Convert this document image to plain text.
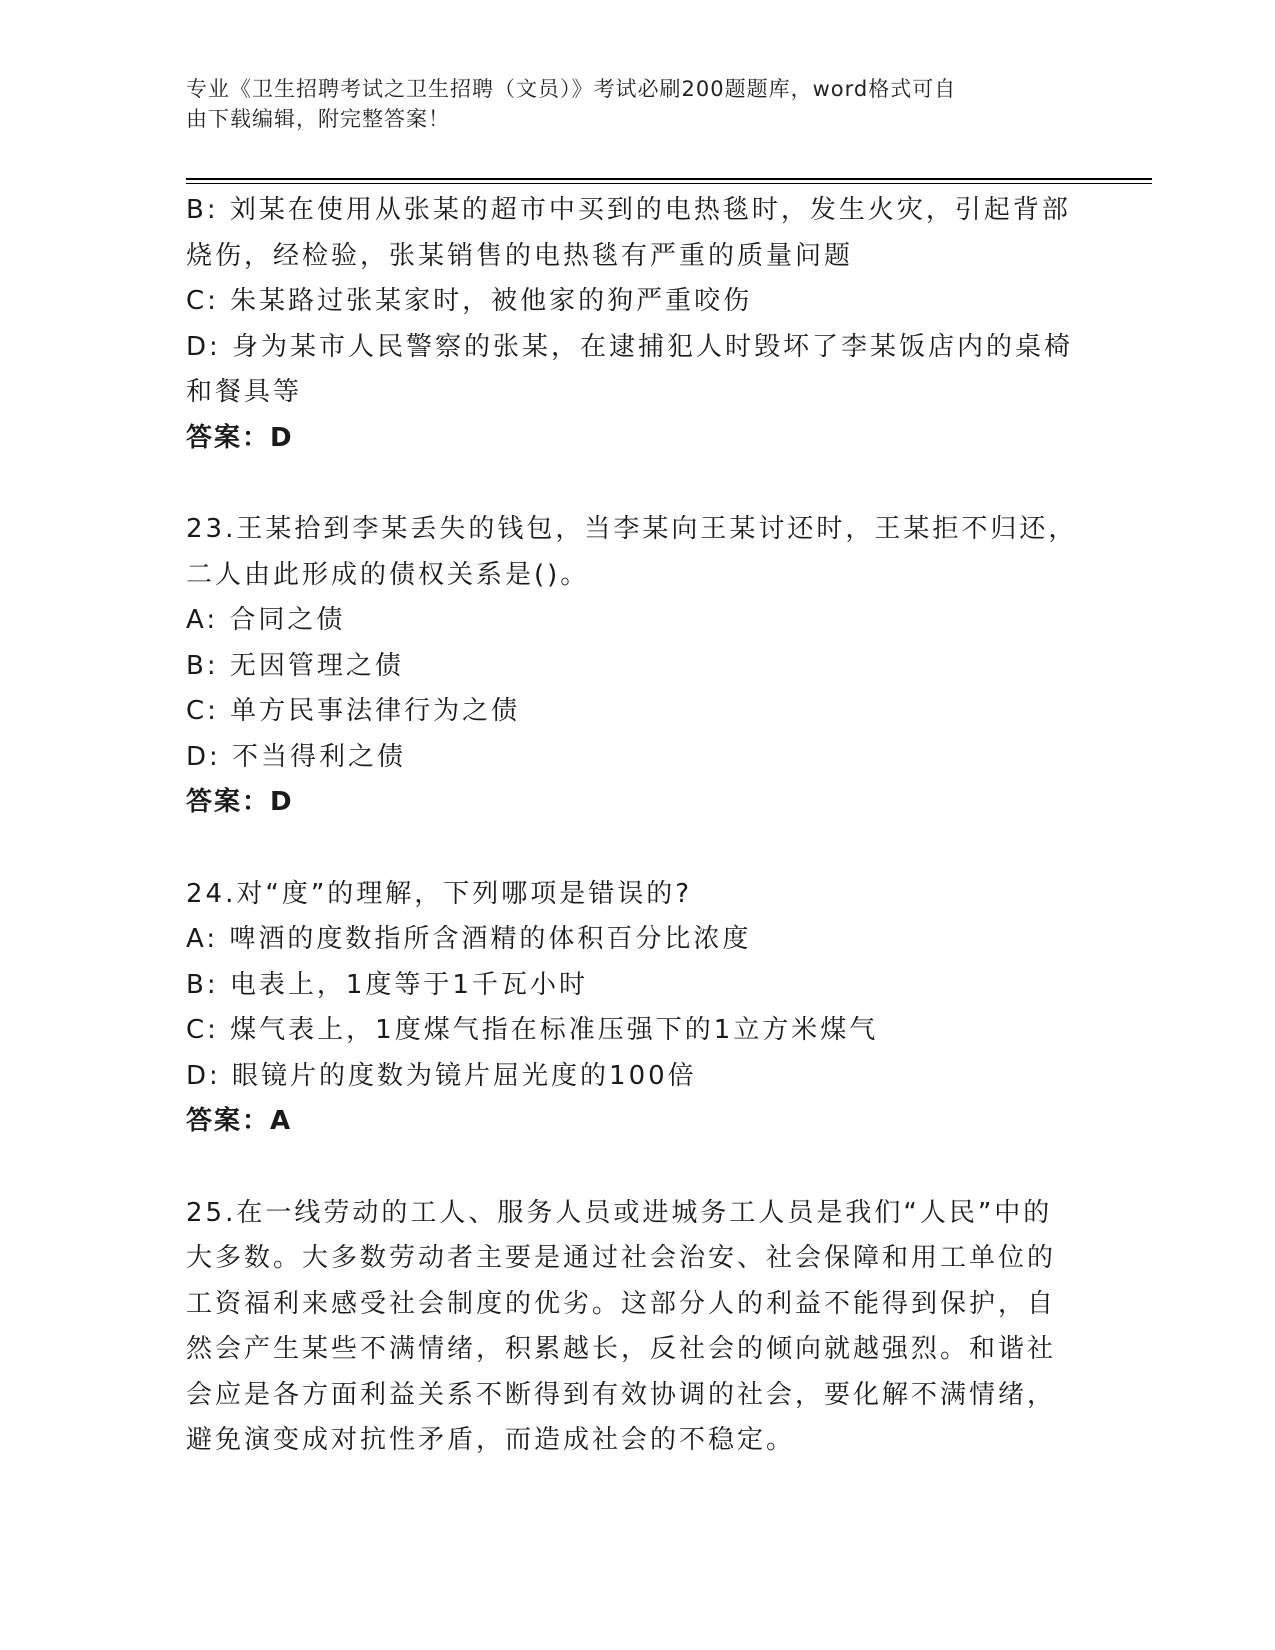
专业《卫生招聘考试之卫生招聘（文员）》考试必刷200题题库，word格式可自
由下载编辑，附完整答案！
B: 刘某在使用从张某的超市中买到的电热毯时，发生火灾，引起背部
烧伤，经检验，张某销售的电热毯有严重的质量问题
C: 朱某路过张某家时，被他家的狗严重咬伤
D: 身为某市人民警察的张某，在逮捕犯人时毁坏了李某饭店内的桌椅
和餐具等
答案：D
23.王某拾到李某丢失的钱包，当李某向王某讨还时，王某拒不归还，
二人由此形成的债权关系是()。
A: 合同之债
B: 无因管理之债
C: 单方民事法律行为之债
D: 不当得利之债
答案：D
24.对“度”的理解，下列哪项是错误的?
A: 啤酒的度数指所含酒精的体积百分比浓度
B: 电表上，1度等于1千瓦小时
C: 煤气表上，1度煤气指在标准压强下的1立方米煤气
D: 眼镜片的度数为镜片屈光度的100倍
答案：A
25.在一线劳动的工人、服务人员或进城务工人员是我们“人民”中的
大多数。大多数劳动者主要是通过社会治安、社会保障和用工单位的
工资福利来感受社会制度的优劣。这部分人的利益不能得到保护，自
然会产生某些不满情绪，积累越长，反社会的倾向就越强烈。和谐社
会应是各方面利益关系不断得到有效协调的社会，要化解不满情绪，
避免演变成对抗性矛盾，而造成社会的不稳定。
